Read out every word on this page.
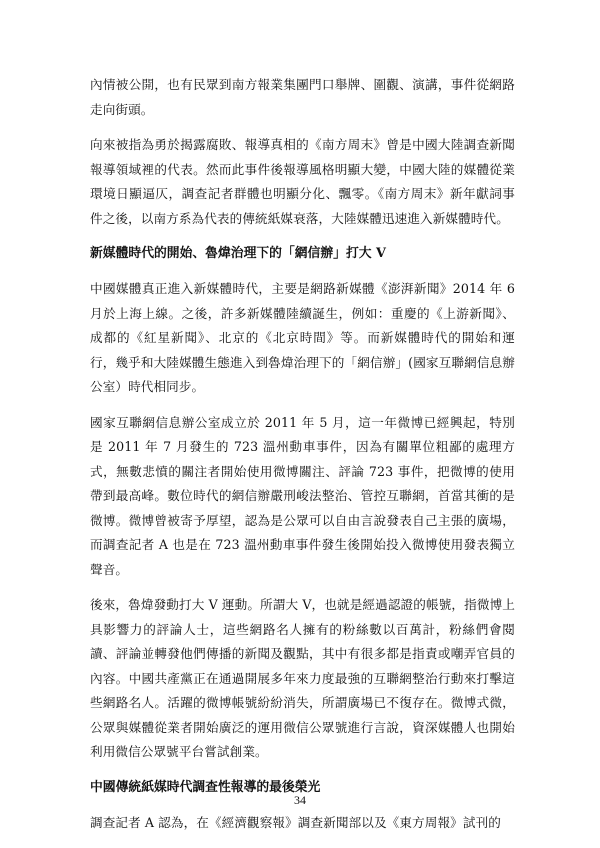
內情被公開，也有民眾到南方報業集團門口舉牌、圍觀、演講，事件從網路走向街頭。

向來被指為勇於揭露腐敗、報導真相的《南方周末》曾是中國大陸調查新聞報導領域裡的代表。然而此事件後報導風格明顯大變，中國大陸的媒體從業環境日顯逼仄，調查記者群體也明顯分化、飄零。《南方周末》新年獻詞事件之後，以南方系為代表的傳統紙媒衰落，大陸媒體迅速進入新媒體時代。

新媒體時代的開始、魯煒治理下的「網信辦」打大 V

中國媒體真正進入新媒體時代，主要是網路新媒體《澎湃新聞》2014 年 6 月於上海上線。之後，許多新媒體陸續誕生，例如：重慶的《上游新聞》、成都的《紅星新聞》、北京的《北京時間》等。而新媒體時代的開始和運行，幾乎和大陸媒體生態進入到魯煒治理下的「網信辦」(國家互聯網信息辦公室）時代相同步。

國家互聯網信息辦公室成立於 2011 年 5 月，這一年微博已經興起，特別是 2011 年 7 月發生的 723 溫州動車事件，因為有關單位粗鄙的處理方式，無數悲憤的關注者開始使用微博關注、評論 723 事件，把微博的使用帶到最高峰。數位時代的網信辦嚴刑峻法整治、管控互聯網，首當其衝的是微博。微博曾被寄予厚望，認為是公眾可以自由言說發表自己主張的廣場，而調查記者 A 也是在 723 溫州動車事件發生後開始投入微博使用發表獨立聲音。

後來，魯煒發動打大 V 運動。所謂大 V，也就是經過認證的帳號，指微博上具影響力的評論人士，這些網路名人擁有的粉絲數以百萬計，粉絲們會閱讀、評論並轉發他們傳播的新聞及觀點，其中有很多都是指責或嘲弄官員的內容。中國共產黨正在通過開展多年來力度最強的互聯網整治行動來打擊這些網路名人。活躍的微博帳號紛紛消失，所謂廣場已不復存在。微博式微，公眾與媒體從業者開始廣泛的運用微信公眾號進行言說，資深媒體人也開始利用微信公眾號平台嘗試創業。

中國傳統紙媒時代調查性報導的最後榮光

調查記者 A 認為，在《經濟觀察報》調查新聞部以及《東方周報》試刊的

34
